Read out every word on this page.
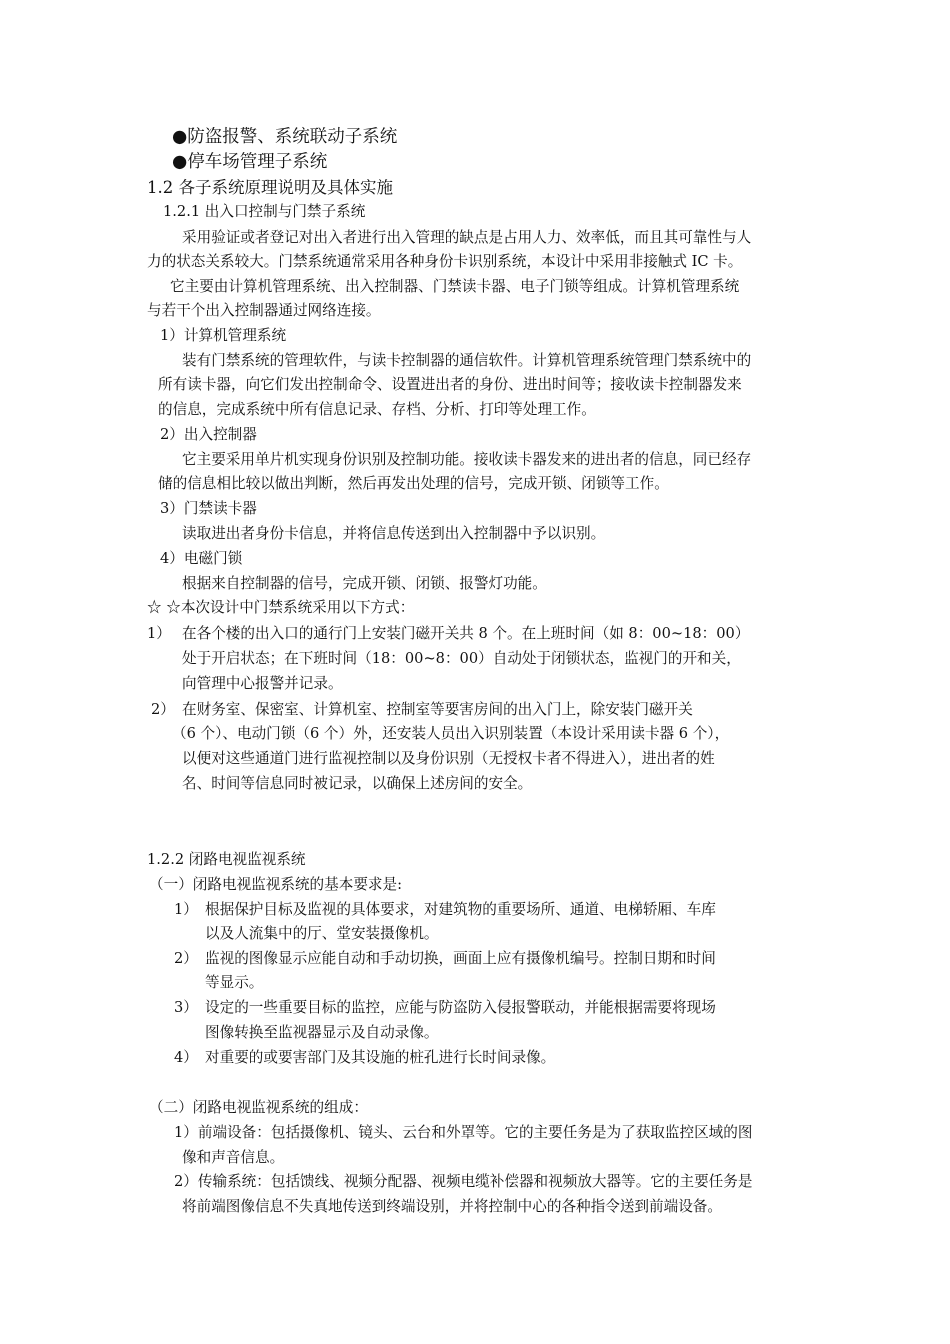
●防盗报警、系统联动子系统
●停车场管理子系统
1.2 各子系统原理说明及具体实施
1.2.1 出入口控制与门禁子系统
采用验证或者登记对出入者进行出入管理的缺点是占用人力、效率低，而且其可靠性与人
力的状态关系较大。门禁系统通常采用各种身份卡识别系统，本设计中采用非接触式 IC 卡。
它主要由计算机管理系统、出入控制器、门禁读卡器、电子门锁等组成。计算机管理系统
与若干个出入控制器通过网络连接。
1）计算机管理系统
装有门禁系统的管理软件，与读卡控制器的通信软件。计算机管理系统管理门禁系统中的
所有读卡器，向它们发出控制命令、设置进出者的身份、进出时间等；接收读卡控制器发来
的信息，完成系统中所有信息记录、存档、分析、打印等处理工作。
2）出入控制器
它主要采用单片机实现身份识别及控制功能。接收读卡器发来的进出者的信息，同已经存
储的信息相比较以做出判断，然后再发出处理的信号，完成开锁、闭锁等工作。
3）门禁读卡器
读取进出者身份卡信息，并将信息传送到出入控制器中予以识别。
4）电磁门锁
根据来自控制器的信号，完成开锁、闭锁、报警灯功能。
☆ ☆本次设计中门禁系统采用以下方式：
1） 在各个楼的出入口的通行门上安装门磁开关共 8 个。在上班时间（如 8：00~18：00）
处于开启状态；在下班时间（18：00~8：00）自动处于闭锁状态，监视门的开和关，
向管理中心报警并记录。
2） 在财务室、保密室、计算机室、控制室等要害房间的出入门上，除安装门磁开关
（6 个）、电动门锁（6 个）外，还安装人员出入识别装置（本设计采用读卡器 6 个），
以便对这些通道门进行监视控制以及身份识别（无授权卡者不得进入），进出者的姓
名、时间等信息同时被记录，以确保上述房间的安全。
1.2.2 闭路电视监视系统
（一）闭路电视监视系统的基本要求是:
1） 根据保护目标及监视的具体要求，对建筑物的重要场所、通道、电梯轿厢、车库
以及人流集中的厅、堂安装摄像机。
2） 监视的图像显示应能自动和手动切换，画面上应有摄像机编号。控制日期和时间
等显示。
3） 设定的一些重要目标的监控，应能与防盗防入侵报警联动，并能根据需要将现场
图像转换至监视器显示及自动录像。
4） 对重要的或要害部门及其设施的桩孔进行长时间录像。
（二）闭路电视监视系统的组成：
1）前端设备：包括摄像机、镜头、云台和外罩等。它的主要任务是为了获取监控区域的图
像和声音信息。
2）传输系统：包括馈线、视频分配器、视频电缆补偿器和视频放大器等。它的主要任务是
将前端图像信息不失真地传送到终端设别，并将控制中心的各种指令送到前端设备。
